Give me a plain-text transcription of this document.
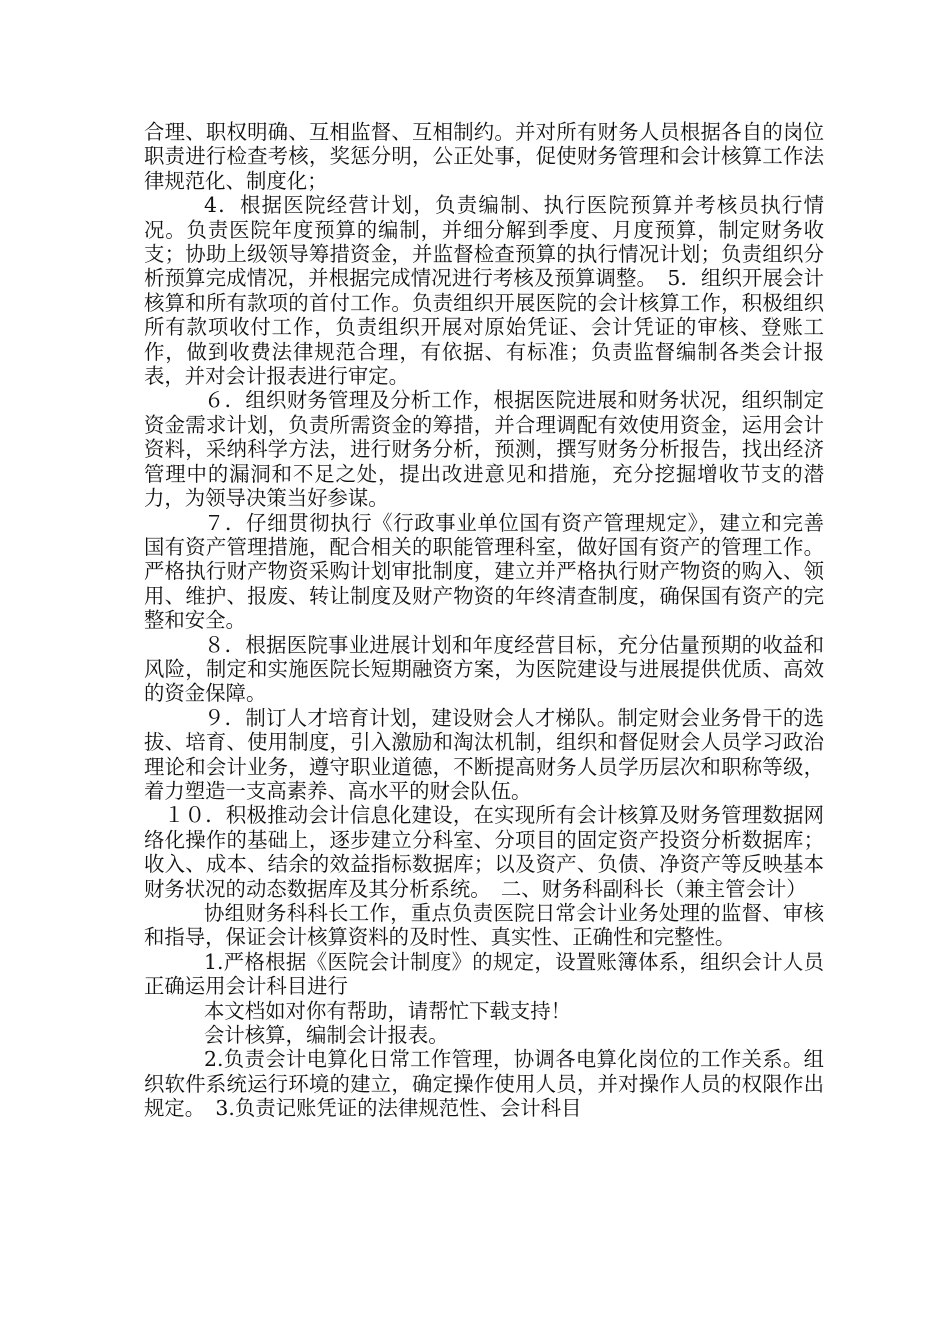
合理、职权明确、互相监督、互相制约。并对所有财务人员根据各自的岗位职责进行检查考核，奖惩分明，公正处事，促使财务管理和会计核算工作法律规范化、制度化；

4．根据医院经营计划，负责编制、执行医院预算并考核员执行情况。负责医院年度预算的编制，并细分解到季度、月度预算，制定财务收支；协助上级领导筹措资金，并监督检查预算的执行情况计划；负责组织分析预算完成情况，并根据完成情况进行考核及预算调整。　5．组织开展会计核算和所有款项的首付工作。负责组织开展医院的会计核算工作，积极组织所有款项收付工作，负责组织开展对原始凭证、会计凭证的审核、登账工作，做到收费法律规范合理，有依据、有标准；负责监督编制各类会计报表，并对会计报表进行审定。

６．组织财务管理及分析工作，根据医院进展和财务状况，组织制定资金需求计划，负责所需资金的筹措，并合理调配有效使用资金，运用会计资料，采纳科学方法，进行财务分析，预测，撰写财务分析报告，找出经济管理中的漏洞和不足之处，提出改进意见和措施，充分挖掘增收节支的潜力，为领导决策当好参谋。

７．仔细贯彻执行《行政事业单位国有资产管理规定》，建立和完善国有资产管理措施，配合相关的职能管理科室，做好国有资产的管理工作。严格执行财产物资采购计划审批制度，建立并严格执行财产物资的购入、领用、维护、报废、转让制度及财产物资的年终清查制度，确保国有资产的完整和安全。

８．根据医院事业进展计划和年度经营目标，充分估量预期的收益和风险，制定和实施医院长短期融资方案，为医院建设与进展提供优质、高效的资金保障。

９．制订人才培育计划，建设财会人才梯队。制定财会业务骨干的选拔、培育、使用制度，引入激励和淘汰机制，组织和督促财会人员学习政治理论和会计业务，遵守职业道德，不断提高财务人员学历层次和职称等级，着力塑造一支高素养、高水平的财会队伍。

１０．积极推动会计信息化建设，在实现所有会计核算及财务管理数据网络化操作的基础上，逐步建立分科室、分项目的固定资产投资分析数据库；收入、成本、结余的效益指标数据库；以及资产、负债、净资产等反映基本财务状况的动态数据库及其分析系统。　二、财务科副科长（兼主管会计）

协组财务科科长工作，重点负责医院日常会计业务处理的监督、审核和指导，保证会计核算资料的及时性、真实性、正确性和完整性。

1.严格根据《医院会计制度》的规定，设置账簿体系，组织会计人员正确运用会计科目进行

本文档如对你有帮助，请帮忙下载支持！

会计核算，编制会计报表。

2.负责会计电算化日常工作管理，协调各电算化岗位的工作关系。组织软件系统运行环境的建立，确定操作使用人员，并对操作人员的权限作出规定。　3.负责记账凭证的法律规范性、会计科目
